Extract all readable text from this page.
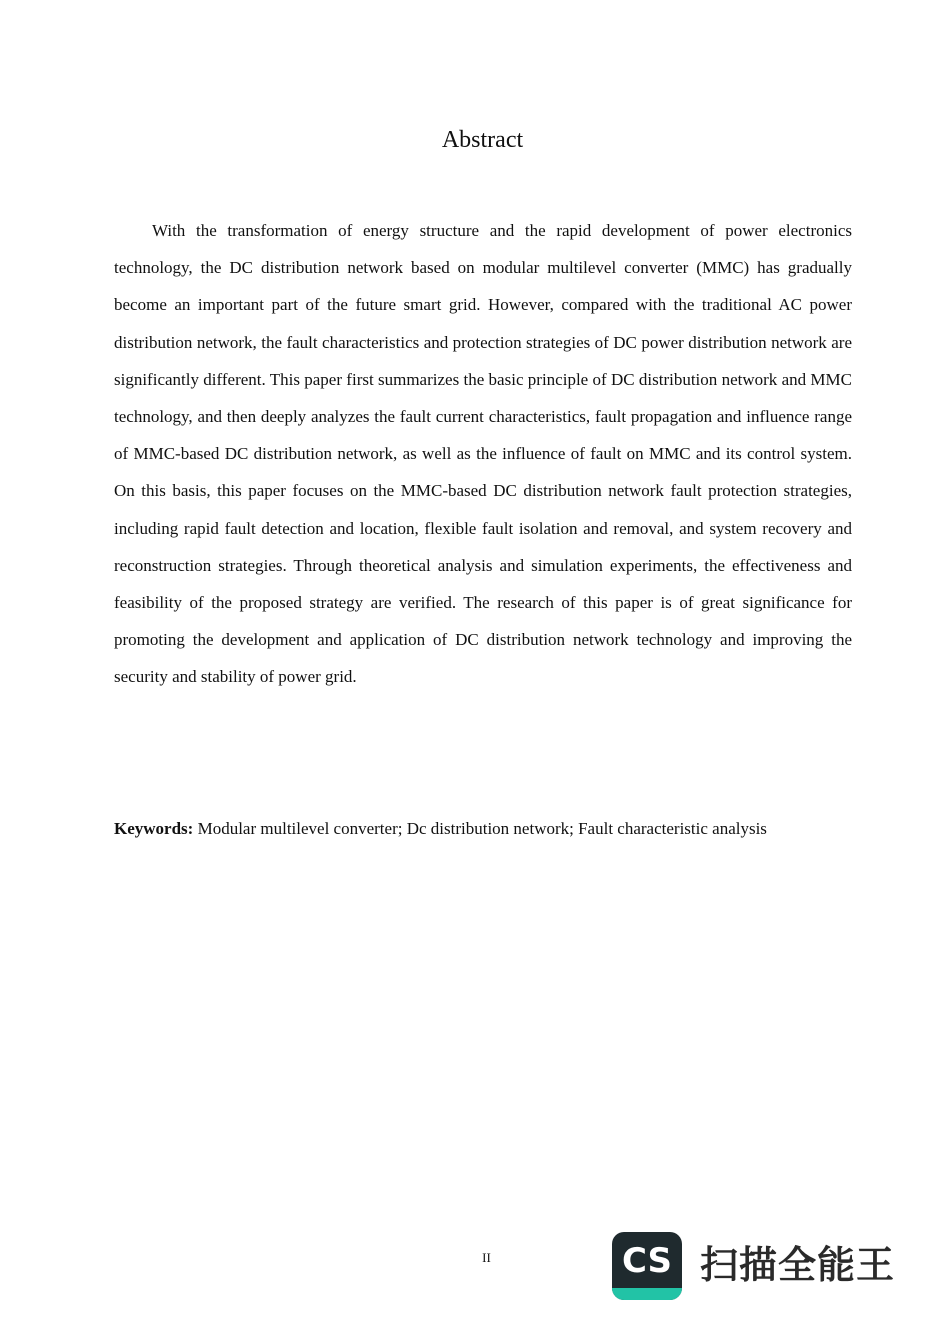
Abstract

With the transformation of energy structure and the rapid development of power electronics technology, the DC distribution network based on modular multilevel converter (MMC) has gradually become an important part of the future smart grid. However, compared with the traditional AC power distribution network, the fault characteristics and protection strategies of DC power distribution network are significantly different. This paper first summarizes the basic principle of DC distribution network and MMC technology, and then deeply analyzes the fault current characteristics, fault propagation and influence range of MMC-based DC distribution network, as well as the influence of fault on MMC and its control system. On this basis, this paper focuses on the MMC-based DC distribution network fault protection strategies, including rapid fault detection and location, flexible fault isolation and removal, and system recovery and reconstruction strategies. Through theoretical analysis and simulation experiments, the effectiveness and feasibility of the proposed strategy are verified. The research of this paper is of great significance for promoting the development and application of DC distribution network technology and improving the security and stability of power grid.

Keywords: Modular multilevel converter; Dc distribution network; Fault characteristic analysis

II	CS 扫描全能王
